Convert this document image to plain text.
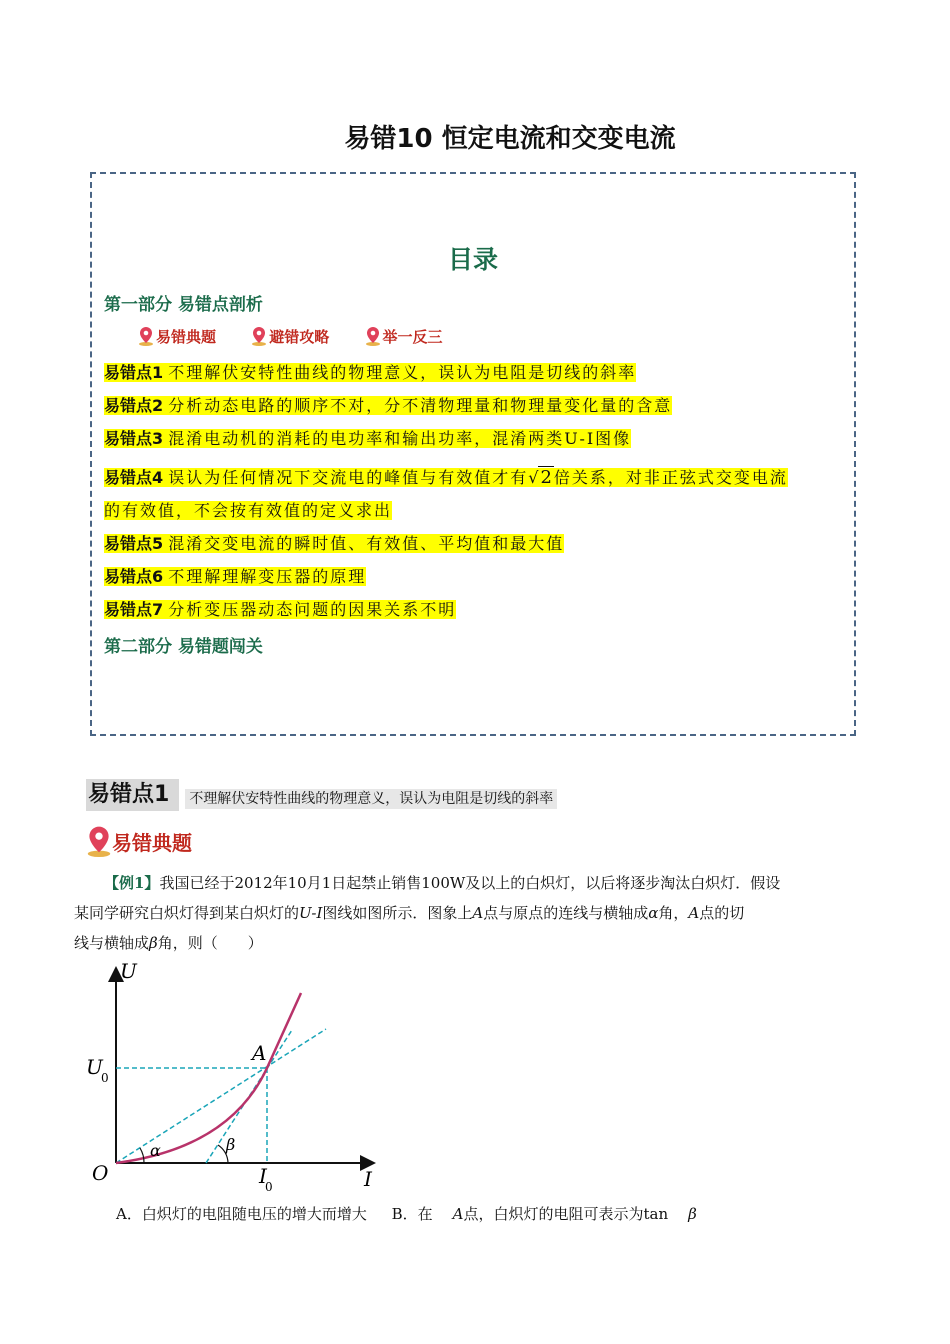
易错10 恒定电流和交变电流
目录
第一部分 易错点剖析
易错典题	避错攻略	举一反三
易错点1 不理解伏安特性曲线的物理意义，误认为电阻是切线的斜率
易错点2 分析动态电路的顺序不对，分不清物理量和物理量变化量的含意
易错点3 混淆电动机的消耗的电功率和输出功率，混淆两类U-I图像
易错点4 误认为任何情况下交流电的峰值与有效值才有√ 2 倍关系，对非正弦式交变电流
的有效值，不会按有效值的定义求出
易错点5 混淆交变电流的瞬时值、有效值、平均值和最大值
易错点6 不理解理解变压器的原理
易错点7 分析变压器动态问题的因果关系不明
第二部分 易错题闯关
易错点1	不理解伏安特性曲线的物理意义，误认为电阻是切线的斜率
易错典题
【例1】我国已经于2012年10月1日起禁止销售100W及以上的白炽灯，以后将逐步淘汰白炽灯．假设
某同学研究白炽灯得到某白炽灯的U-I图线如图所示．图象上A点与原点的连线与横轴成α角，A点的切
线与横轴成β角，则（　　）
U
I
O
A
U
0
I
0
α	β
A．白炽灯的电阻随电压的增大而增大 B．在 A点，白炽灯的电阻可表示为tan β
